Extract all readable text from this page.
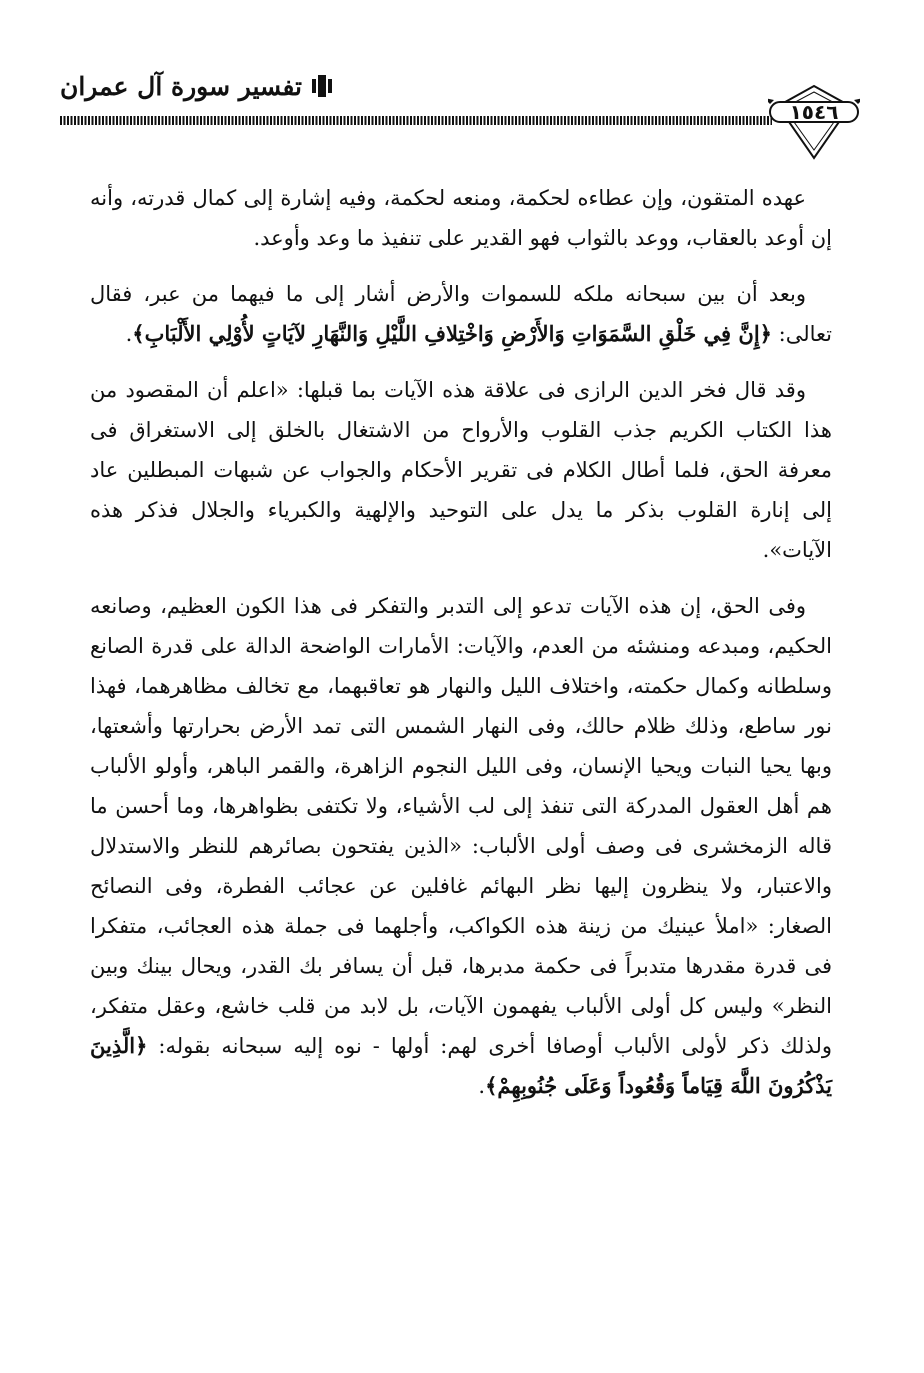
تفسير سورة آل عمران
١٥٤٦

عهده المتقون، وإن عطاءه لحكمة، ومنعه لحكمة، وفيه إشارة إلى كمال قدرته، وأنه إن أوعد بالعقاب، ووعد بالثواب فهو القدير على تنفيذ ما وعد وأوعد.

وبعد أن بين سبحانه ملكه للسموات والأرض أشار إلى ما فيهما من عبر، فقال تعالى: ﴿إِنَّ فِي خَلْقِ السَّمَوَاتِ وَالأَرْضِ وَاخْتِلافِ اللَّيْلِ وَالنَّهَارِ لآيَاتٍ لأُوْلِي الأَلْبَابِ﴾.

وقد قال فخر الدين الرازى فى علاقة هذه الآيات بما قبلها: «اعلم أن المقصود من هذا الكتاب الكريم جذب القلوب والأرواح من الاشتغال بالخلق إلى الاستغراق فى معرفة الحق، فلما أطال الكلام فى تقرير الأحكام والجواب عن شبهات المبطلين عاد إلى إنارة القلوب بذكر ما يدل على التوحيد والإلهية والكبرياء والجلال فذكر هذه الآيات».

وفى الحق، إن هذه الآيات تدعو إلى التدبر والتفكر فى هذا الكون العظيم، وصانعه الحكيم، ومبدعه ومنشئه من العدم، والآيات: الأمارات الواضحة الدالة على قدرة الصانع وسلطانه وكمال حكمته، واختلاف الليل والنهار هو تعاقبهما، مع تخالف مظاهرهما، فهذا نور ساطع، وذلك ظلام حالك، وفى النهار الشمس التى تمد الأرض بحرارتها وأشعتها، وبها يحيا النبات ويحيا الإنسان، وفى الليل النجوم الزاهرة، والقمر الباهر، وأولو الألباب هم أهل العقول المدركة التى تنفذ إلى لب الأشياء، ولا تكتفى بظواهرها، وما أحسن ما قاله الزمخشرى فى وصف أولى الألباب: «الذين يفتحون بصائرهم للنظر والاستدلال والاعتبار، ولا ينظرون إليها نظر البهائم غافلين عن عجائب الفطرة، وفى النصائح الصغار: «املأ عينيك من زينة هذه الكواكب، وأجلهما فى جملة هذه العجائب، متفكرا فى قدرة مقدرها متدبراً فى حكمة مدبرها، قبل أن يسافر بك القدر، ويحال بينك وبين النظر» وليس كل أولى الألباب يفهمون الآيات، بل لابد من قلب خاشع، وعقل متفكر، ولذلك ذكر لأولى الألباب أوصافا أخرى لهم: أولها - نوه إليه سبحانه بقوله: ﴿الَّذِينَ يَذْكُرُونَ اللَّهَ قِيَاماً وَقُعُوداً وَعَلَى جُنُوبِهِمْ﴾.
